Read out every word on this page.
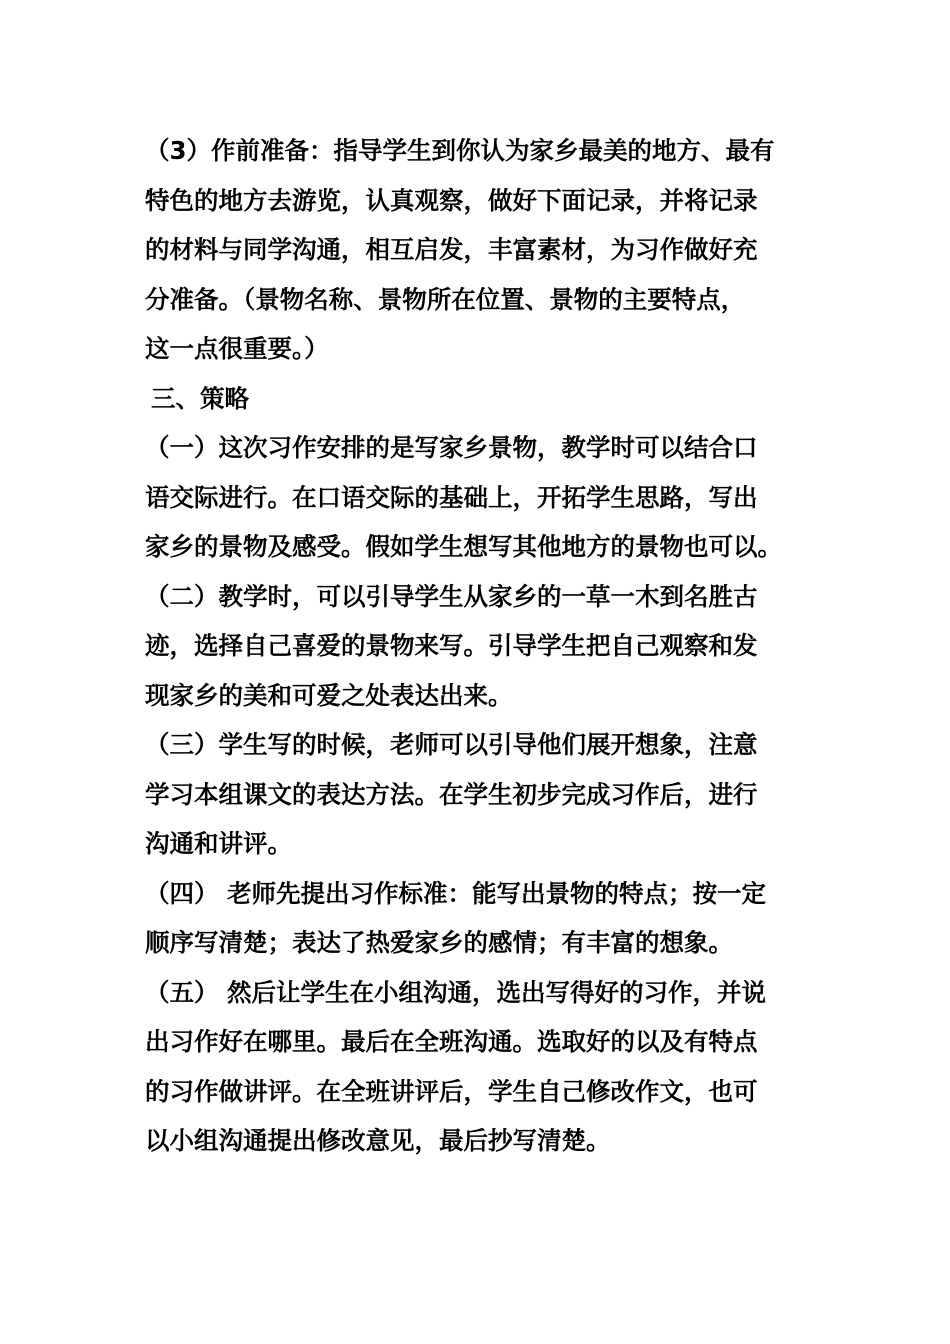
（3）作前准备：指导学生到你认为家乡最美的地方、最有
特色的地方去游览，认真观察，做好下面记录，并将记录
的材料与同学沟通，相互启发，丰富素材，为习作做好充
分准备。（景物名称、景物所在位置、景物的主要特点，
这一点很重要。）
三、策略
（一）这次习作安排的是写家乡景物，教学时可以结合口
语交际进行。在口语交际的基础上，开拓学生思路，写出
家乡的景物及感受。假如学生想写其他地方的景物也可以。
（二）教学时，可以引导学生从家乡的一草一木到名胜古
迹，选择自己喜爱的景物来写。引导学生把自己观察和发
现家乡的美和可爱之处表达出来。
（三）学生写的时候，老师可以引导他们展开想象，注意
学习本组课文的表达方法。在学生初步完成习作后，进行
沟通和讲评。
（四） 老师先提出习作标准：能写出景物的特点；按一定
顺序写清楚；表达了热爱家乡的感情；有丰富的想象。
（五） 然后让学生在小组沟通，选出写得好的习作，并说
出习作好在哪里。最后在全班沟通。选取好的以及有特点
的习作做讲评。在全班讲评后，学生自己修改作文，也可
以小组沟通提出修改意见，最后抄写清楚。
